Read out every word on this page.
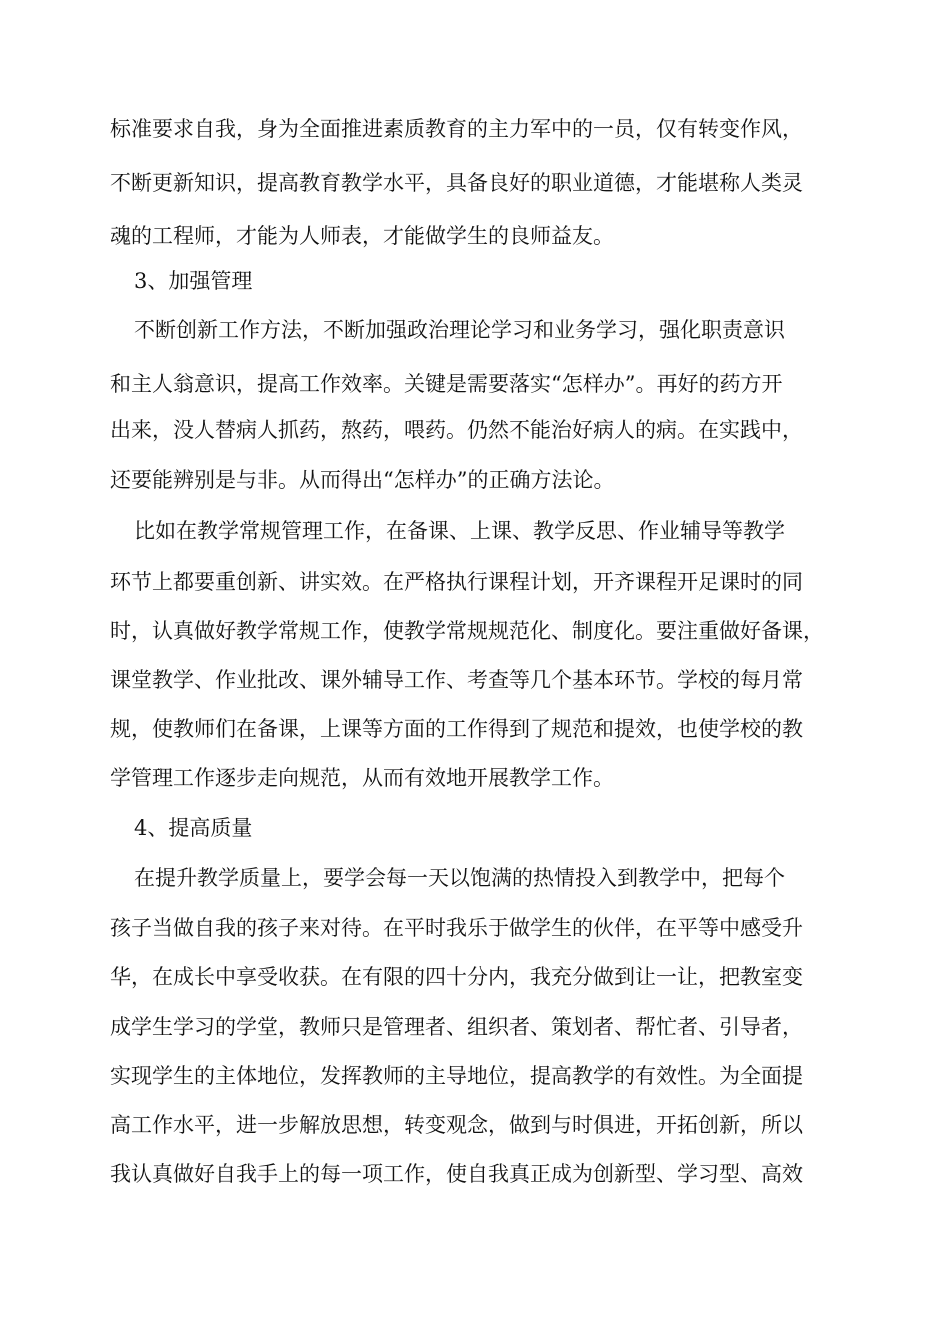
标准要求自我，身为全面推进素质教育的主力军中的一员，仅有转变作风，

不断更新知识，提高教育教学水平，具备良好的职业道德，才能堪称人类灵

魂的工程师，才能为人师表，才能做学生的良师益友。

3、加强管理

不断创新工作方法，不断加强政治理论学习和业务学习，强化职责意识

和主人翁意识，提高工作效率。关键是需要落实“怎样办”。再好的药方开

出来，没人替病人抓药，熬药，喂药。仍然不能治好病人的病。在实践中，

还要能辨别是与非。从而得出“怎样办”的正确方法论。

比如在教学常规管理工作，在备课、上课、教学反思、作业辅导等教学

环节上都要重创新、讲实效。在严格执行课程计划，开齐课程开足课时的同

时，认真做好教学常规工作，使教学常规规范化、制度化。要注重做好备课，

课堂教学、作业批改、课外辅导工作、考查等几个基本环节。学校的每月常

规，使教师们在备课，上课等方面的工作得到了规范和提效，也使学校的教

学管理工作逐步走向规范，从而有效地开展教学工作。

4、提高质量

在提升教学质量上，要学会每一天以饱满的热情投入到教学中，把每个

孩子当做自我的孩子来对待。在平时我乐于做学生的伙伴，在平等中感受升

华，在成长中享受收获。在有限的四十分内，我充分做到让一让，把教室变

成学生学习的学堂，教师只是管理者、组织者、策划者、帮忙者、引导者，

实现学生的主体地位，发挥教师的主导地位，提高教学的有效性。为全面提

高工作水平，进一步解放思想，转变观念，做到与时俱进，开拓创新，所以

我认真做好自我手上的每一项工作，使自我真正成为创新型、学习型、高效
